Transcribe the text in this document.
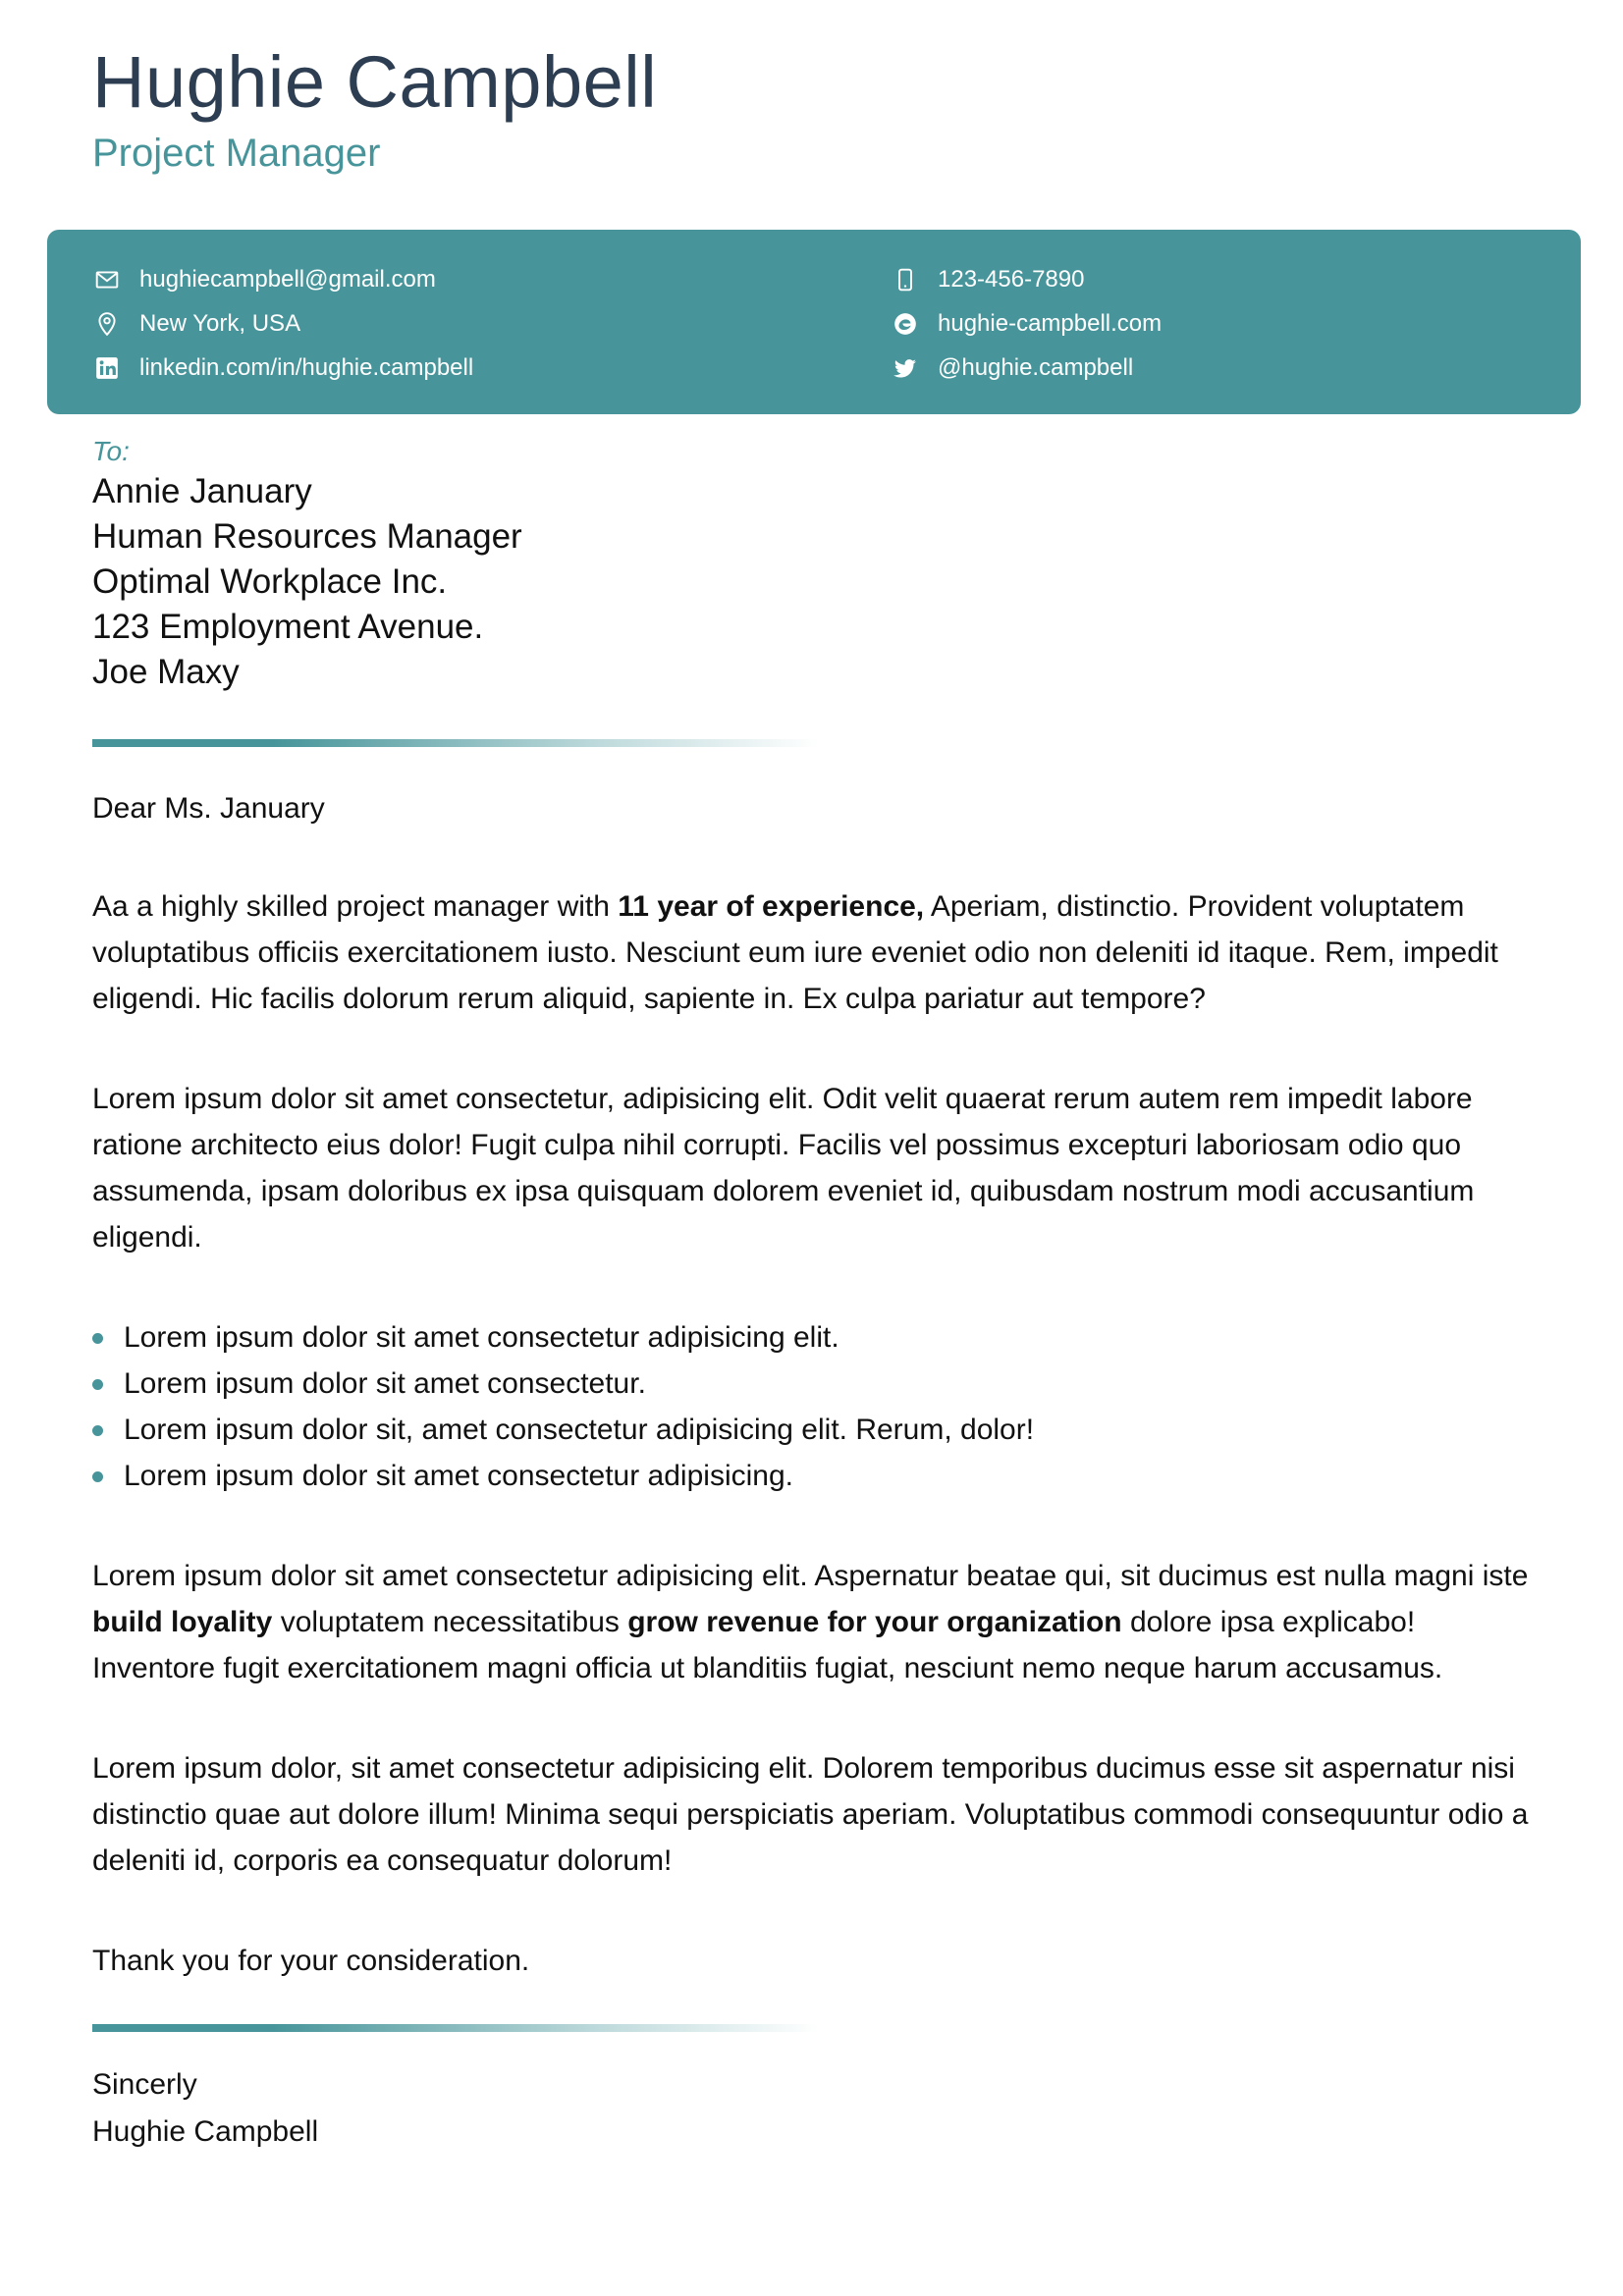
Hughie Campbell
Project Manager
hughiecampbell@gmail.com
New York, USA
linkedin.com/in/hughie.campbell
123-456-7890
hughie-campbell.com
@hughie.campbell
To:
Annie January
Human Resources Manager
Optimal Workplace Inc.
123 Employment Avenue.
Joe Maxy
Dear Ms. January

Aa a highly skilled project manager with 11 year of experience, Aperiam, distinctio. Provident voluptatem voluptatibus officiis exercitationem iusto. Nesciunt eum iure eveniet odio non deleniti id itaque. Rem, impedit eligendi. Hic facilis dolorum rerum aliquid, sapiente in. Ex culpa pariatur aut tempore?

Lorem ipsum dolor sit amet consectetur, adipisicing elit. Odit velit quaerat rerum autem rem impedit labore ratione architecto eius dolor! Fugit culpa nihil corrupti. Facilis vel possimus excepturi laboriosam odio quo assumenda, ipsam doloribus ex ipsa quisquam dolorem eveniet id, quibusdam nostrum modi accusantium eligendi.

Lorem ipsum dolor sit amet consectetur adipisicing elit.
Lorem ipsum dolor sit amet consectetur.
Lorem ipsum dolor sit, amet consectetur adipisicing elit. Rerum, dolor!
Lorem ipsum dolor sit amet consectetur adipisicing.

Lorem ipsum dolor sit amet consectetur adipisicing elit. Aspernatur beatae qui, sit ducimus est nulla magni iste build loyality voluptatem necessitatibus grow revenue for your organization dolore ipsa explicabo! Inventore fugit exercitationem magni officia ut blanditiis fugiat, nesciunt nemo neque harum accusamus.

Lorem ipsum dolor, sit amet consectetur adipisicing elit. Dolorem temporibus ducimus esse sit aspernatur nisi distinctio quae aut dolore illum! Minima sequi perspiciatis aperiam. Voluptatibus commodi consequuntur odio a deleniti id, corporis ea consequatur dolorum!

Thank you for your consideration.

Sincerly
Hughie Campbell
